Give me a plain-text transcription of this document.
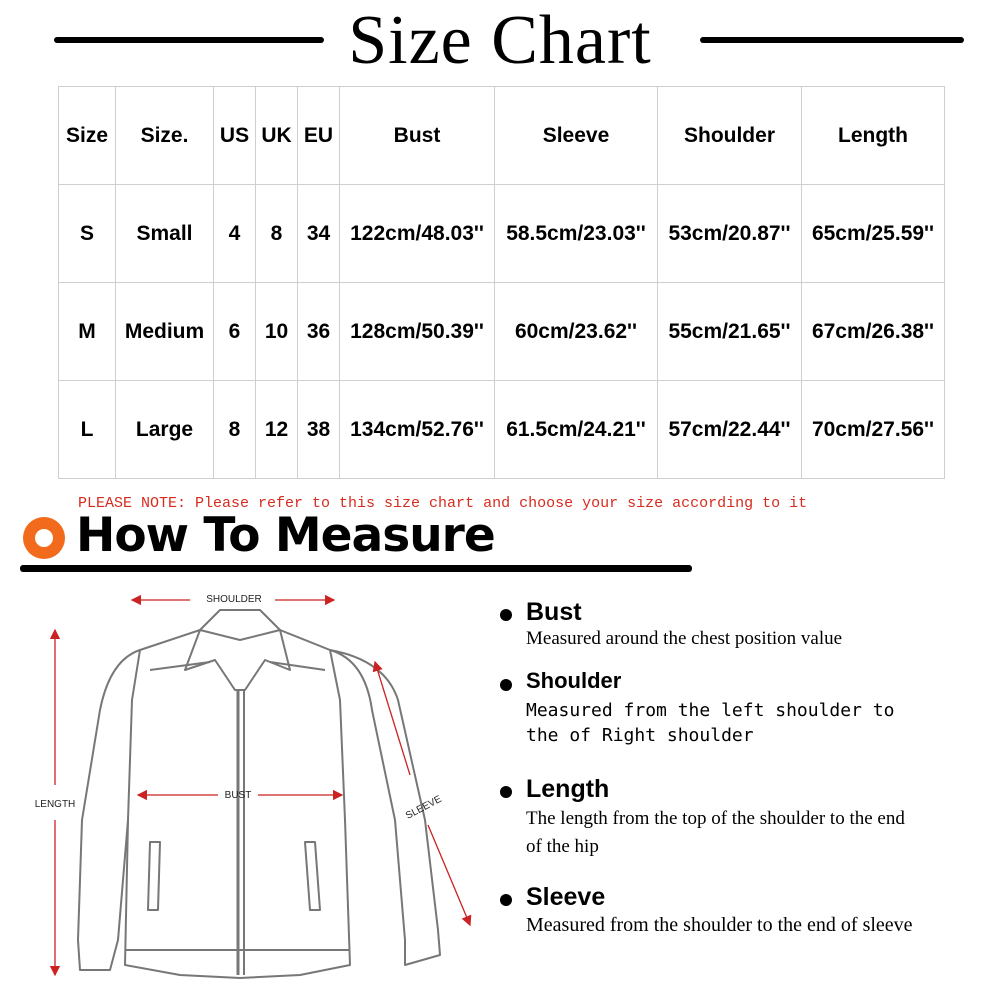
Size Chart
Size	Size.	US	UK	EU	Bust	Sleeve	Shoulder	Length
S	Small	4	8	34	122cm/48.03''	58.5cm/23.03''	53cm/20.87''	65cm/25.59''
M	Medium	6	10	36	128cm/50.39''	60cm/23.62''	55cm/21.65''	67cm/26.38''
L	Large	8	12	38	134cm/52.76''	61.5cm/24.21''	57cm/22.44''	70cm/27.56''
PLEASE NOTE: Please refer to this size chart and choose your size according to it
How To Measure
SHOULDER
LENGTH
BUST	SLEEVE
Bust
Measured around the chest position value
Shoulder
Measured from the left shoulder to the of Right shoulder
Length
The length from the top of the shoulder to the end of the hip
Sleeve
Measured from the shoulder to the end of sleeve
